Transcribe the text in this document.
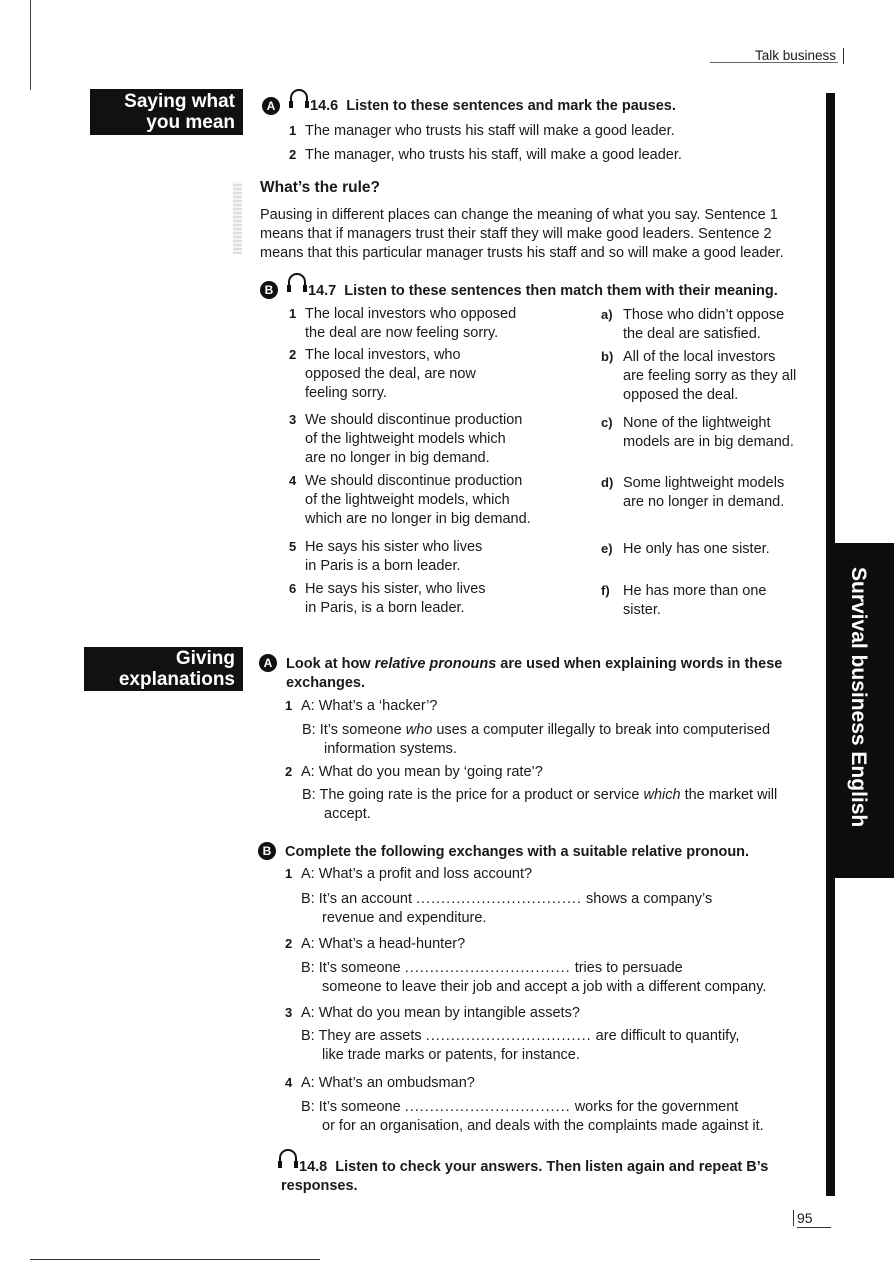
Talk business
Saying what
you mean
A	14.6 Listen to these sentences and mark the pauses.
1 The manager who trusts his staff will make a good leader.
2 The manager, who trusts his staff, will make a good leader.
What’s the rule?
Pausing in different places can change the meaning of what you say. Sentence 1
means that if managers trust their staff they will make good leaders. Sentence 2
means that this particular manager trusts his staff and so will make a good leader.
B	14.7 Listen to these sentences then match them with their meaning.
1 The local investors who opposed
the deal are now feeling sorry.
2 The local investors, who
opposed the deal, are now
feeling sorry.
3 We should discontinue production
of the lightweight models which
are no longer in big demand.
4 We should discontinue production
of the lightweight models, which
which are no longer in big demand.
5 He says his sister who lives
in Paris is a born leader.
6 He says his sister, who lives
in Paris, is a born leader.
a) Those who didn’t oppose
the deal are satisfied.
b) All of the local investors
are feeling sorry as they all
opposed the deal.
c) None of the lightweight
models are in big demand.
d) Some lightweight models
are no longer in demand.
e) He only has one sister.
f) He has more than one
sister.
Giving
explanations
A Look at how relative pronouns are used when explaining words in these
exchanges.
1 A: What’s a ‘hacker’?
B: It’s someone who uses a computer illegally to break into computerised
information systems.
2 A: What do you mean by ‘going rate’?
B: The going rate is the price for a product or service which the market will
accept.
B Complete the following exchanges with a suitable relative pronoun.
1 A: What’s a profit and loss account?
B: It’s an account ................................. shows a company’s
revenue and expenditure.
2 A: What’s a head-hunter?
B: It’s someone ................................. tries to persuade
someone to leave their job and accept a job with a different company.
3 A: What do you mean by intangible assets?
B: They are assets ................................. are difficult to quantify,
like trade marks or patents, for instance.
4 A: What’s an ombudsman?
B: It’s someone ................................. works for the government
or for an organisation, and deals with the complaints made against it.
14.8 Listen to check your answers. Then listen again and repeat B’s
responses.
Survival business English
95
